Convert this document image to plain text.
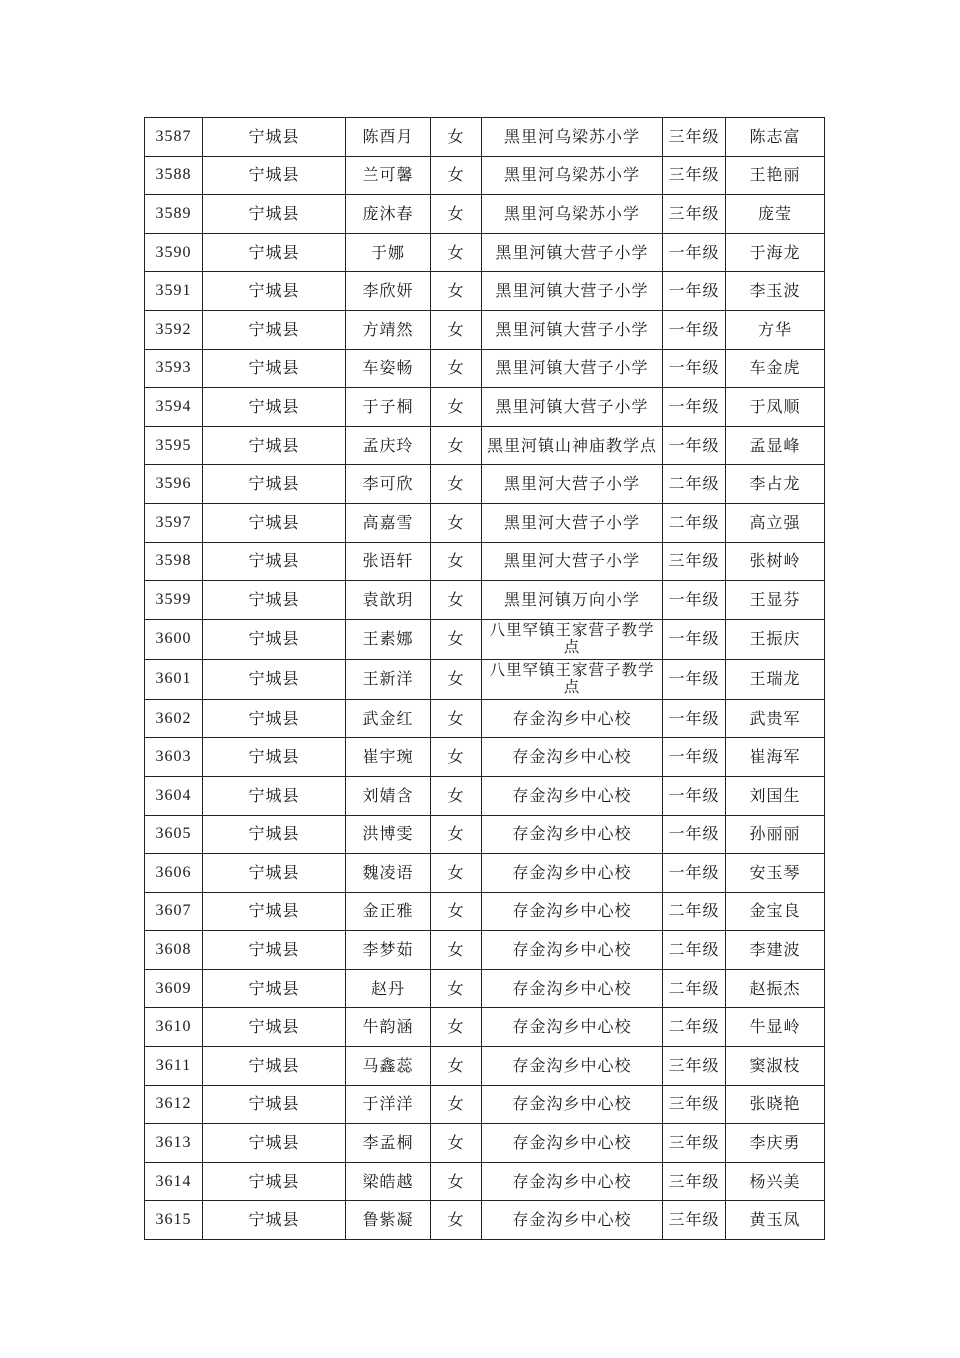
3587	宁城县	陈酉月	女	黑里河乌梁苏小学	三年级	陈志富
3588	宁城县	兰可馨	女	黑里河乌梁苏小学	三年级	王艳丽
3589	宁城县	庞沐春	女	黑里河乌梁苏小学	三年级	庞莹
3590	宁城县	于娜	女	黑里河镇大营子小学	一年级	于海龙
3591	宁城县	李欣妍	女	黑里河镇大营子小学	一年级	李玉波
3592	宁城县	方靖然	女	黑里河镇大营子小学	一年级	方华
3593	宁城县	车姿畅	女	黑里河镇大营子小学	一年级	车金虎
3594	宁城县	于子桐	女	黑里河镇大营子小学	一年级	于凤顺
3595	宁城县	孟庆玲	女	黑里河镇山神庙教学点	一年级	孟显峰
3596	宁城县	李可欣	女	黑里河大营子小学	二年级	李占龙
3597	宁城县	高嘉雪	女	黑里河大营子小学	二年级	高立强
3598	宁城县	张语轩	女	黑里河大营子小学	三年级	张树岭
3599	宁城县	袁歆玥	女	黑里河镇万向小学	一年级	王显芬
3600	宁城县	王素娜	女	八里罕镇王家营子教学点	一年级	王振庆
3601	宁城县	王新洋	女	八里罕镇王家营子教学点	一年级	王瑞龙
3602	宁城县	武金红	女	存金沟乡中心校	一年级	武贵军
3603	宁城县	崔宇琬	女	存金沟乡中心校	一年级	崔海军
3604	宁城县	刘婧含	女	存金沟乡中心校	一年级	刘国生
3605	宁城县	洪博雯	女	存金沟乡中心校	一年级	孙丽丽
3606	宁城县	魏凌语	女	存金沟乡中心校	一年级	安玉琴
3607	宁城县	金正雅	女	存金沟乡中心校	二年级	金宝良
3608	宁城县	李梦茹	女	存金沟乡中心校	二年级	李建波
3609	宁城县	赵丹	女	存金沟乡中心校	二年级	赵振杰
3610	宁城县	牛韵涵	女	存金沟乡中心校	二年级	牛显岭
3611	宁城县	马鑫蕊	女	存金沟乡中心校	三年级	窦淑枝
3612	宁城县	于洋洋	女	存金沟乡中心校	三年级	张晓艳
3613	宁城县	李孟桐	女	存金沟乡中心校	三年级	李庆勇
3614	宁城县	梁皓越	女	存金沟乡中心校	三年级	杨兴美
3615	宁城县	鲁紫凝	女	存金沟乡中心校	三年级	黄玉凤
